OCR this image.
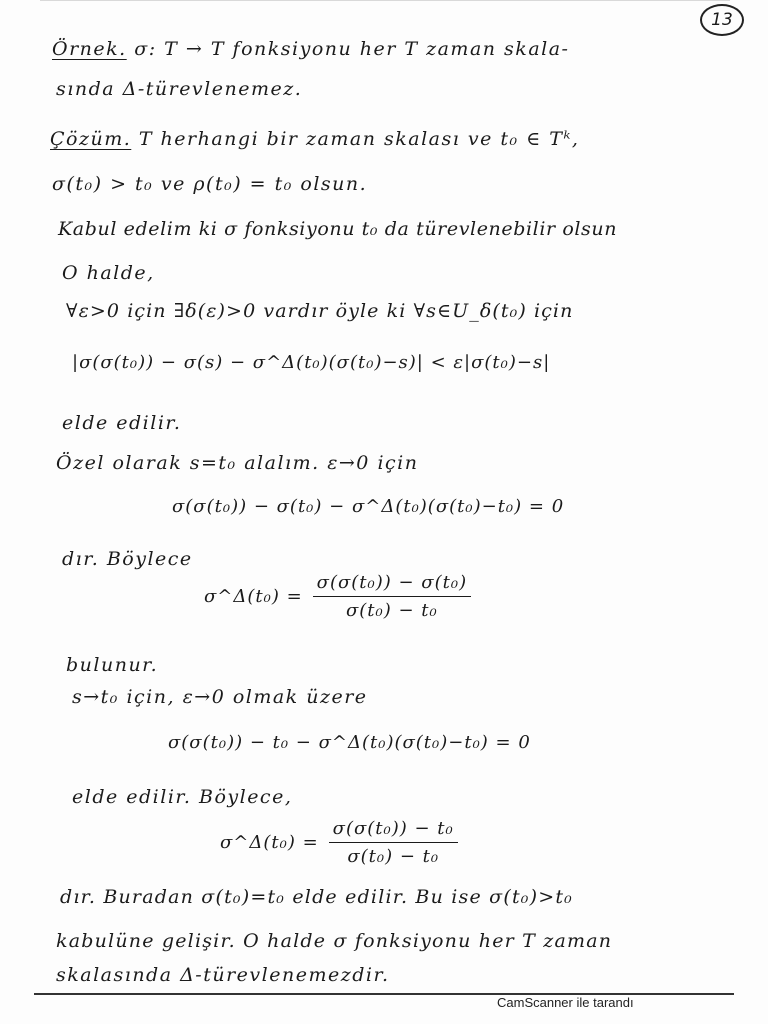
13
Örnek. σ: T → T fonksiyonu her T zaman skala-
sında Δ-türevlenemez.
Çözüm. T herhangi bir zaman skalası ve t₀ ∈ Tᵏ,
σ(t₀) > t₀ ve ρ(t₀) = t₀ olsun.
Kabul edelim ki σ fonksiyonu t₀ da türevlenebilir olsun
O halde,
∀ε>0 için ∃δ(ε)>0 vardır öyle ki ∀s∈U_δ(t₀) için
|σ(σ(t₀)) − σ(s) − σ^Δ(t₀)(σ(t₀)−s)| < ε|σ(t₀)−s|
elde edilir.
Özel olarak s=t₀ alalım. ε→0 için
σ(σ(t₀)) − σ(t₀) − σ^Δ(t₀)(σ(t₀)−t₀) = 0
dır. Böylece
σ^Δ(t₀) = $\frac{\text{σ(σ(t₀)) − σ(t₀)}}{\text{σ(t₀) − t₀}}$
bulunur.
s→t₀ için, ε→0 olmak üzere
σ(σ(t₀)) − t₀ − σ^Δ(t₀)(σ(t₀)−t₀) = 0
elde edilir. Böylece,
σ^Δ(t₀) = $\frac{\text{σ(σ(t₀)) − t₀}}{\text{σ(t₀) − t₀}}$
dır. Buradan σ(t₀)=t₀ elde edilir. Bu ise σ(t₀)>t₀
kabulüne gelişir. O halde σ fonksiyonu her T zaman
skalasında Δ-türevlenemezdir.
CamScanner ile tarandı
